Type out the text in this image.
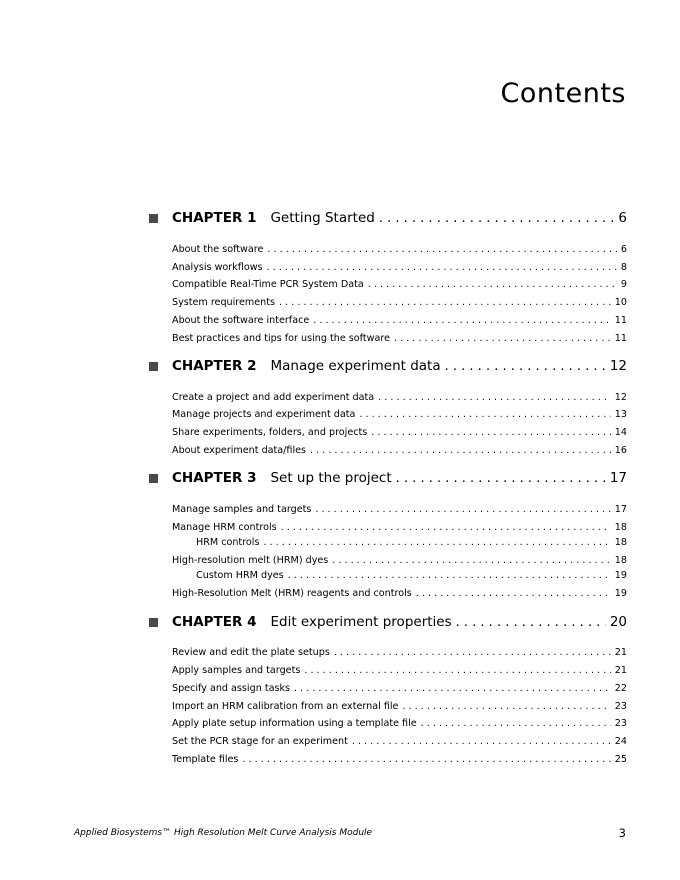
Contents
CHAPTER 1 Getting Started . . .	6
About the software . . .	6
Analysis workflows . . .	8
Compatible Real-Time PCR System Data . . .	9
System requirements . . .	10
About the software interface . . .	11
Best practices and tips for using the software . . .	11
CHAPTER 2 Manage experiment data . . .	12
Create a project and add experiment data . . .	12
Manage projects and experiment data . . .	13
Share experiments, folders, and projects . . .	14
About experiment data/files . . .	16
CHAPTER 3 Set up the project . . .	17
Manage samples and targets . . .	17
Manage HRM controls . . .	18
HRM controls . . .	18
High-resolution melt (HRM) dyes . . .	18
Custom HRM dyes . . .	19
High-Resolution Melt (HRM) reagents and controls . . .	19
CHAPTER 4 Edit experiment properties . . .	20
Review and edit the plate setups . . .	21
Apply samples and targets . . .	21
Specify and assign tasks . . .	22
Import an HRM calibration from an external file . . .	23
Apply plate setup information using a template file . . .	23
Set the PCR stage for an experiment . . .	24
Template files . . .	25
Applied Biosystems™ High Resolution Melt Curve Analysis Module	3
